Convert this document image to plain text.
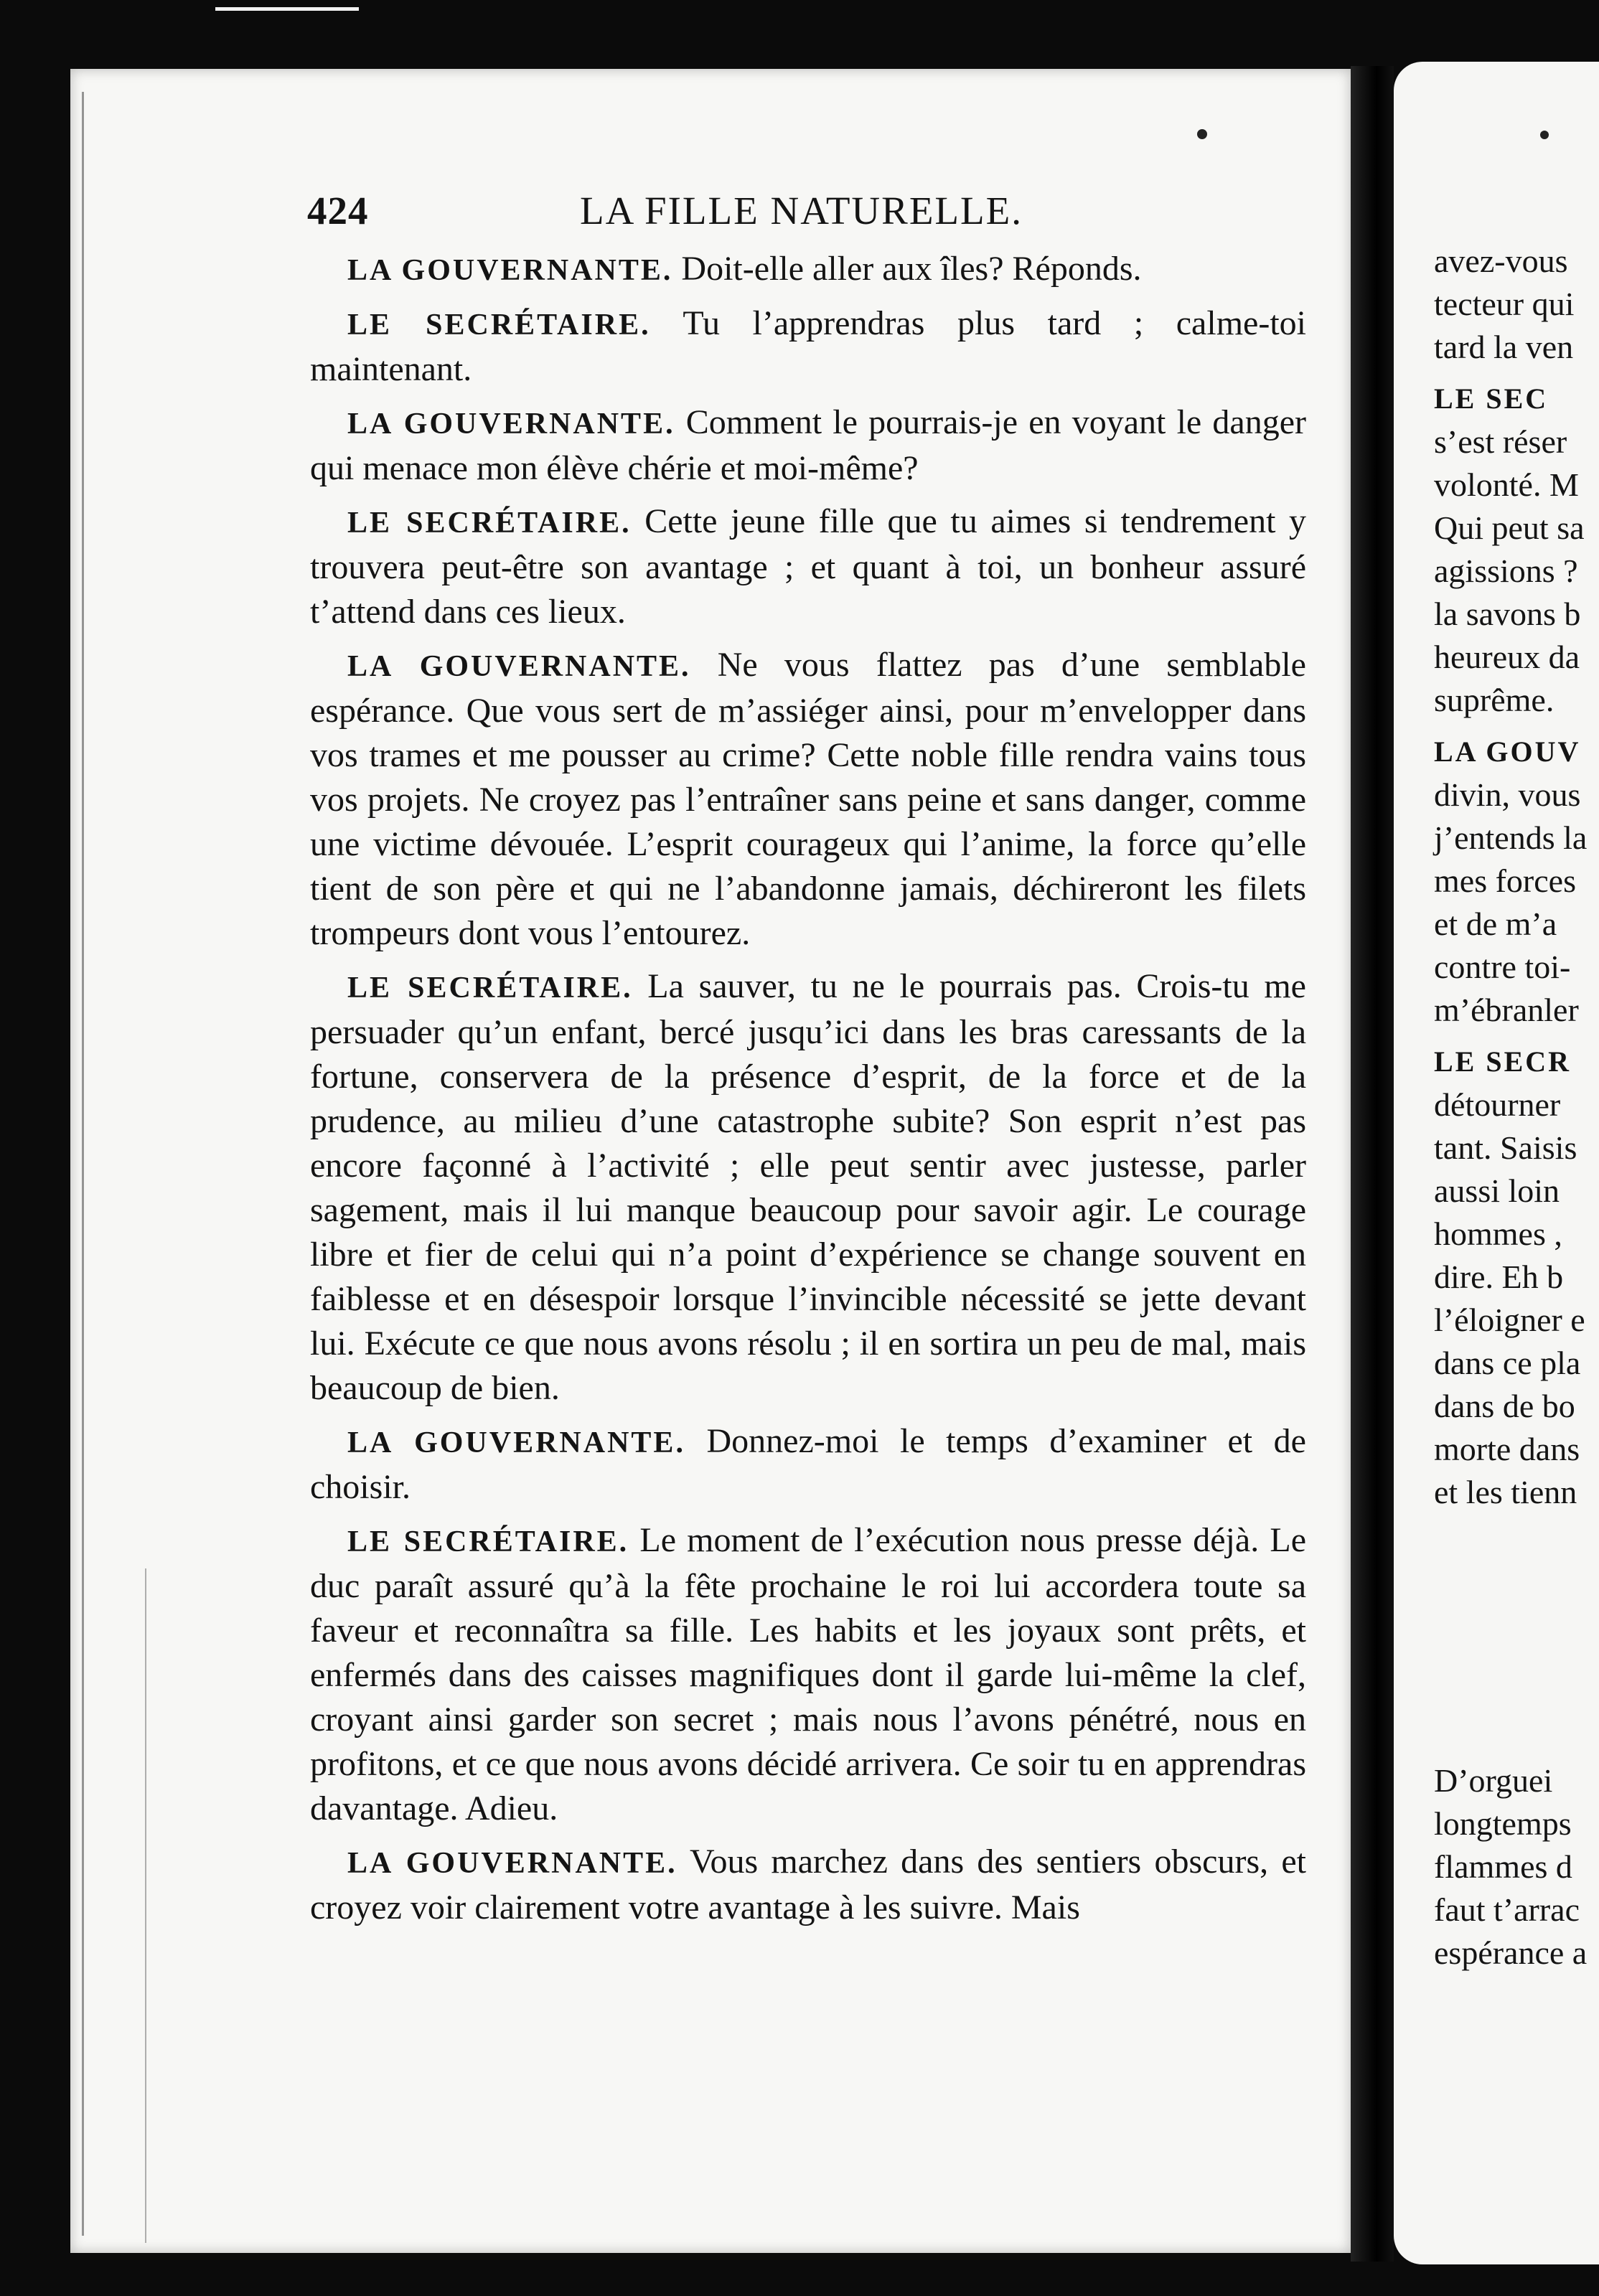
424	LA FILLE NATURELLE.

LA GOUVERNANTE. Doit-elle aller aux îles? Réponds.

LE SECRÉTAIRE. Tu l’apprendras plus tard ; calme-toi maintenant.

LA GOUVERNANTE. Comment le pourrais-je en voyant le danger qui menace mon élève chérie et moi-même?

LE SECRÉTAIRE. Cette jeune fille que tu aimes si tendrement y trouvera peut-être son avantage ; et quant à toi, un bonheur assuré t’attend dans ces lieux.

LA GOUVERNANTE. Ne vous flattez pas d’une semblable espérance. Que vous sert de m’assiéger ainsi, pour m’envelopper dans vos trames et me pousser au crime? Cette noble fille rendra vains tous vos projets. Ne croyez pas l’entraîner sans peine et sans danger, comme une victime dévouée. L’esprit courageux qui l’anime, la force qu’elle tient de son père et qui ne l’abandonne jamais, déchireront les filets trompeurs dont vous l’entourez.

LE SECRÉTAIRE. La sauver, tu ne le pourrais pas. Crois-tu me persuader qu’un enfant, bercé jusqu’ici dans les bras caressants de la fortune, conservera de la présence d’esprit, de la force et de la prudence, au milieu d’une catastrophe subite? Son esprit n’est pas encore façonné à l’activité ; elle peut sentir avec justesse, parler sagement, mais il lui manque beaucoup pour savoir agir. Le courage libre et fier de celui qui n’a point d’expérience se change souvent en faiblesse et en désespoir lorsque l’invincible nécessité se jette devant lui. Exécute ce que nous avons résolu ; il en sortira un peu de mal, mais beaucoup de bien.

LA GOUVERNANTE. Donnez-moi le temps d’examiner et de choisir.

LE SECRÉTAIRE. Le moment de l’exécution nous presse déjà. Le duc paraît assuré qu’à la fête prochaine le roi lui accordera toute sa faveur et reconnaîtra sa fille. Les habits et les joyaux sont prêts, et enfermés dans des caisses magnifiques dont il garde lui-même la clef, croyant ainsi garder son secret ; mais nous l’avons pénétré, nous en profitons, et ce que nous avons décidé arrivera. Ce soir tu en apprendras davantage. Adieu.

LA GOUVERNANTE. Vous marchez dans des sentiers obscurs, et croyez voir clairement votre avantage à les suivre. Mais

avez-vous
tecteur qui
tard la ven
LE SEC
s’est réser
volonté. M
Qui peut sa
agissions ?
la savons b
heureux da
suprême.
LA GOUV
divin, vous
j’entends la
mes forces
et de m’a
contre toi-
m’ébranler
LE SECR
détourner
tant. Saisis
aussi loin
hommes ,
dire. Eh b
l’éloigner e
dans ce pla
dans de bo
morte dans
et les tienn
D’orguei
longtemps
flammes d
faut t’arrac
espérance a
